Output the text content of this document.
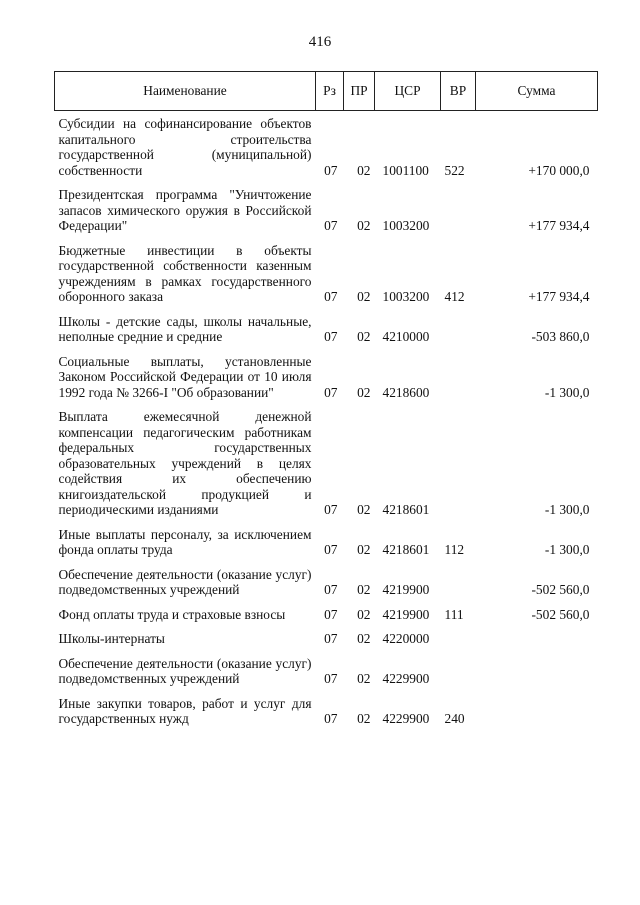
416
Наименование	Рз	ПР	ЦСР	ВР	Сумма
Субсидии на софинансирование объектов капитального строительства государственной (муниципальной) собственности	07	02	1001100	522	+170 000,0
Президентская программа "Уничтожение запасов химического оружия в Российской Федерации"	07	02	1003200		+177 934,4
Бюджетные инвестиции в объекты государственной собственности казенным учреждениям в рамках государственного оборонного заказа	07	02	1003200	412	+177 934,4
Школы - детские сады, школы начальные, неполные средние и средние	07	02	4210000		-503 860,0
Социальные выплаты, установленные Законом Российской Федерации от 10 июля 1992 года № 3266-I "Об образовании"	07	02	4218600		-1 300,0
Выплата ежемесячной денежной компенсации педагогическим работникам федеральных государственных образовательных учреждений в целях содействия их обеспечению книгоиздательской продукцией и периодическими изданиями	07	02	4218601		-1 300,0
Иные выплаты персоналу, за исключением фонда оплаты труда	07	02	4218601	112	-1 300,0
Обеспечение деятельности (оказание услуг) подведомственных учреждений	07	02	4219900		-502 560,0
Фонд оплаты труда и страховые взносы	07	02	4219900	111	-502 560,0
Школы-интернаты	07	02	4220000		
Обеспечение деятельности (оказание услуг) подведомственных учреждений	07	02	4229900		
Иные закупки товаров, работ и услуг для государственных нужд	07	02	4229900	240	
